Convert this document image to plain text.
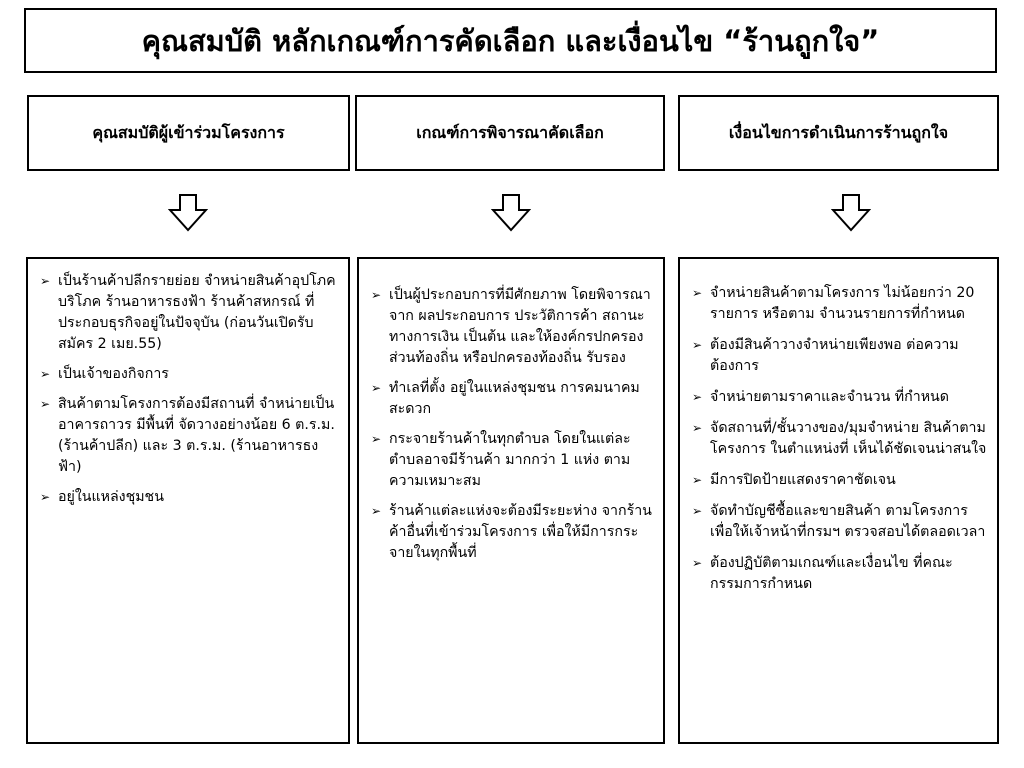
คุณสมบัติ หลักเกณฑ์การคัดเลือก และเงื่อนไข “ร้านถูกใจ”
คุณสมบัติผู้เข้าร่วมโครงการ	เกณฑ์การพิจารณาคัดเลือก	เงื่อนไขการดำเนินการร้านถูกใจ
➢ เป็นร้านค้าปลีกรายย่อย จำหน่ายสินค้าอุปโภคบริโภค ร้านอาหารธงฟ้า ร้านค้าสหกรณ์ ที่ประกอบธุรกิจอยู่ในปัจจุบัน (ก่อนวันเปิดรับสมัคร 2 เมย.55)
➢ เป็นเจ้าของกิจการ
➢ สินค้าตามโครงการต้องมีสถานที่ จำหน่ายเป็นอาคารถาวร มีพื้นที่ จัดวางอย่างน้อย 6 ต.ร.ม. (ร้านค้าปลีก) และ 3 ต.ร.ม. (ร้านอาหารธงฟ้า)
➢ อยู่ในแหล่งชุมชน
➢ เป็นผู้ประกอบการที่มีศักยภาพ โดยพิจารณาจาก ผลประกอบการ ประวัติการค้า สถานะทางการเงิน เป็นต้น และให้องค์กรปกครอง ส่วนท้องถิ่น หรือปกครองท้องถิ่น รับรอง
➢ ทำเลที่ตั้ง อยู่ในแหล่งชุมชน การคมนาคมสะดวก
➢ กระจายร้านค้าในทุกตำบล โดยในแต่ละตำบลอาจมีร้านค้า มากกว่า 1 แห่ง ตามความเหมาะสม
➢ ร้านค้าแต่ละแห่งจะต้องมีระยะห่าง จากร้านค้าอื่นที่เข้าร่วมโครงการ เพื่อให้มีการกระจายในทุกพื้นที่
➢ จำหน่ายสินค้าตามโครงการ ไม่น้อยกว่า 20 รายการ หรือตาม จำนวนรายการที่กำหนด
➢ ต้องมีสินค้าวางจำหน่ายเพียงพอ ต่อความต้องการ
➢ จำหน่ายตามราคาและจำนวน ที่กำหนด
➢ จัดสถานที่/ชั้นวางของ/มุมจำหน่าย สินค้าตามโครงการ ในตำแหน่งที่ เห็นได้ชัดเจนน่าสนใจ
➢ มีการปิดป้ายแสดงราคาชัดเจน
➢ จัดทำบัญชีซื้อและขายสินค้า ตามโครงการเพื่อให้เจ้าหน้าที่กรมฯ ตรวจสอบได้ตลอดเวลา
➢ ต้องปฏิบัติตามเกณฑ์และเงื่อนไข ที่คณะกรรมการกำหนด
